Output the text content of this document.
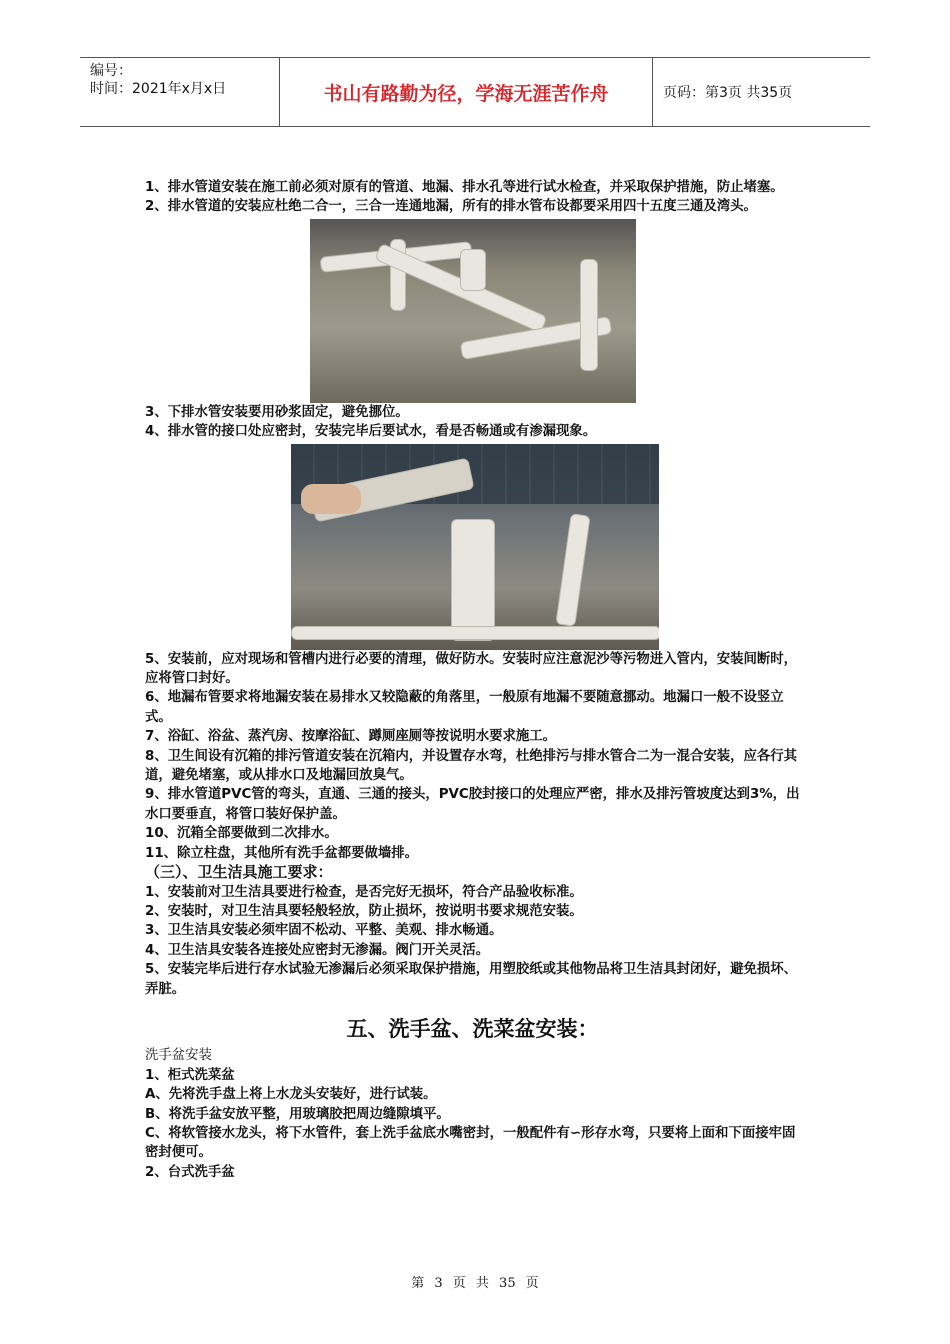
编号：
时间：2021年x月x日	书山有路勤为径，学海无涯苦作舟	页码：第3页 共35页

1、排水管道安装在施工前必须对原有的管道、地漏、排水孔等进行试水检查，并采取保护措施，防止堵塞。

2、排水管道的安装应杜绝二合一，三合一连通地漏，所有的排水管布设都要采用四十五度三通及湾头。

3、下排水管安装要用砂浆固定，避免挪位。

4、排水管的接口处应密封，安装完毕后要试水，看是否畅通或有渗漏现象。

5、安装前，应对现场和管槽内进行必要的清理，做好防水。安装时应注意泥沙等污物进入管内，安装间断时，应将管口封好。

6、地漏布管要求将地漏安装在易排水又较隐蔽的角落里，一般原有地漏不要随意挪动。地漏口一般不设竖立式。

7、浴缸、浴盆、蒸汽房、按摩浴缸、蹲厕座厕等按说明水要求施工。

8、卫生间设有沉箱的排污管道安装在沉箱内，并设置存水弯，杜绝排污与排水管合二为一混合安装，应各行其道，避免堵塞，或从排水口及地漏回放臭气。

9、排水管道PVC管的弯头，直通、三通的接头，PVC胶封接口的处理应严密，排水及排污管坡度达到3%，出水口要垂直，将管口装好保护盖。

10、沉箱全部要做到二次排水。

11、除立柱盘，其他所有洗手盆都要做墙排。

（三）、卫生洁具施工要求：

1、安装前对卫生洁具要进行检查，是否完好无损坏，符合产品验收标准。

2、安装时，对卫生洁具要轻般轻放，防止损坏，按说明书要求规范安装。

3、卫生洁具安装必须牢固不松动、平整、美观、排水畅通。

4、卫生洁具安装各连接处应密封无渗漏。阀门开关灵活。

5、安装完毕后进行存水试验无渗漏后必须采取保护措施，用塑胶纸或其他物品将卫生洁具封闭好，避免损坏、弄脏。

五、洗手盆、洗菜盆安装：

洗手盆安装

1、柜式洗菜盆

A、先将洗手盘上将上水龙头安装好，进行试装。

B、将洗手盆安放平整，用玻璃胶把周边缝隙填平。

C、将软管接水龙头，将下水管件，套上洗手盆底水嘴密封，一般配件有∽形存水弯，只要将上面和下面接牢固密封便可。

2、台式洗手盆

第 3 页 共 35 页
